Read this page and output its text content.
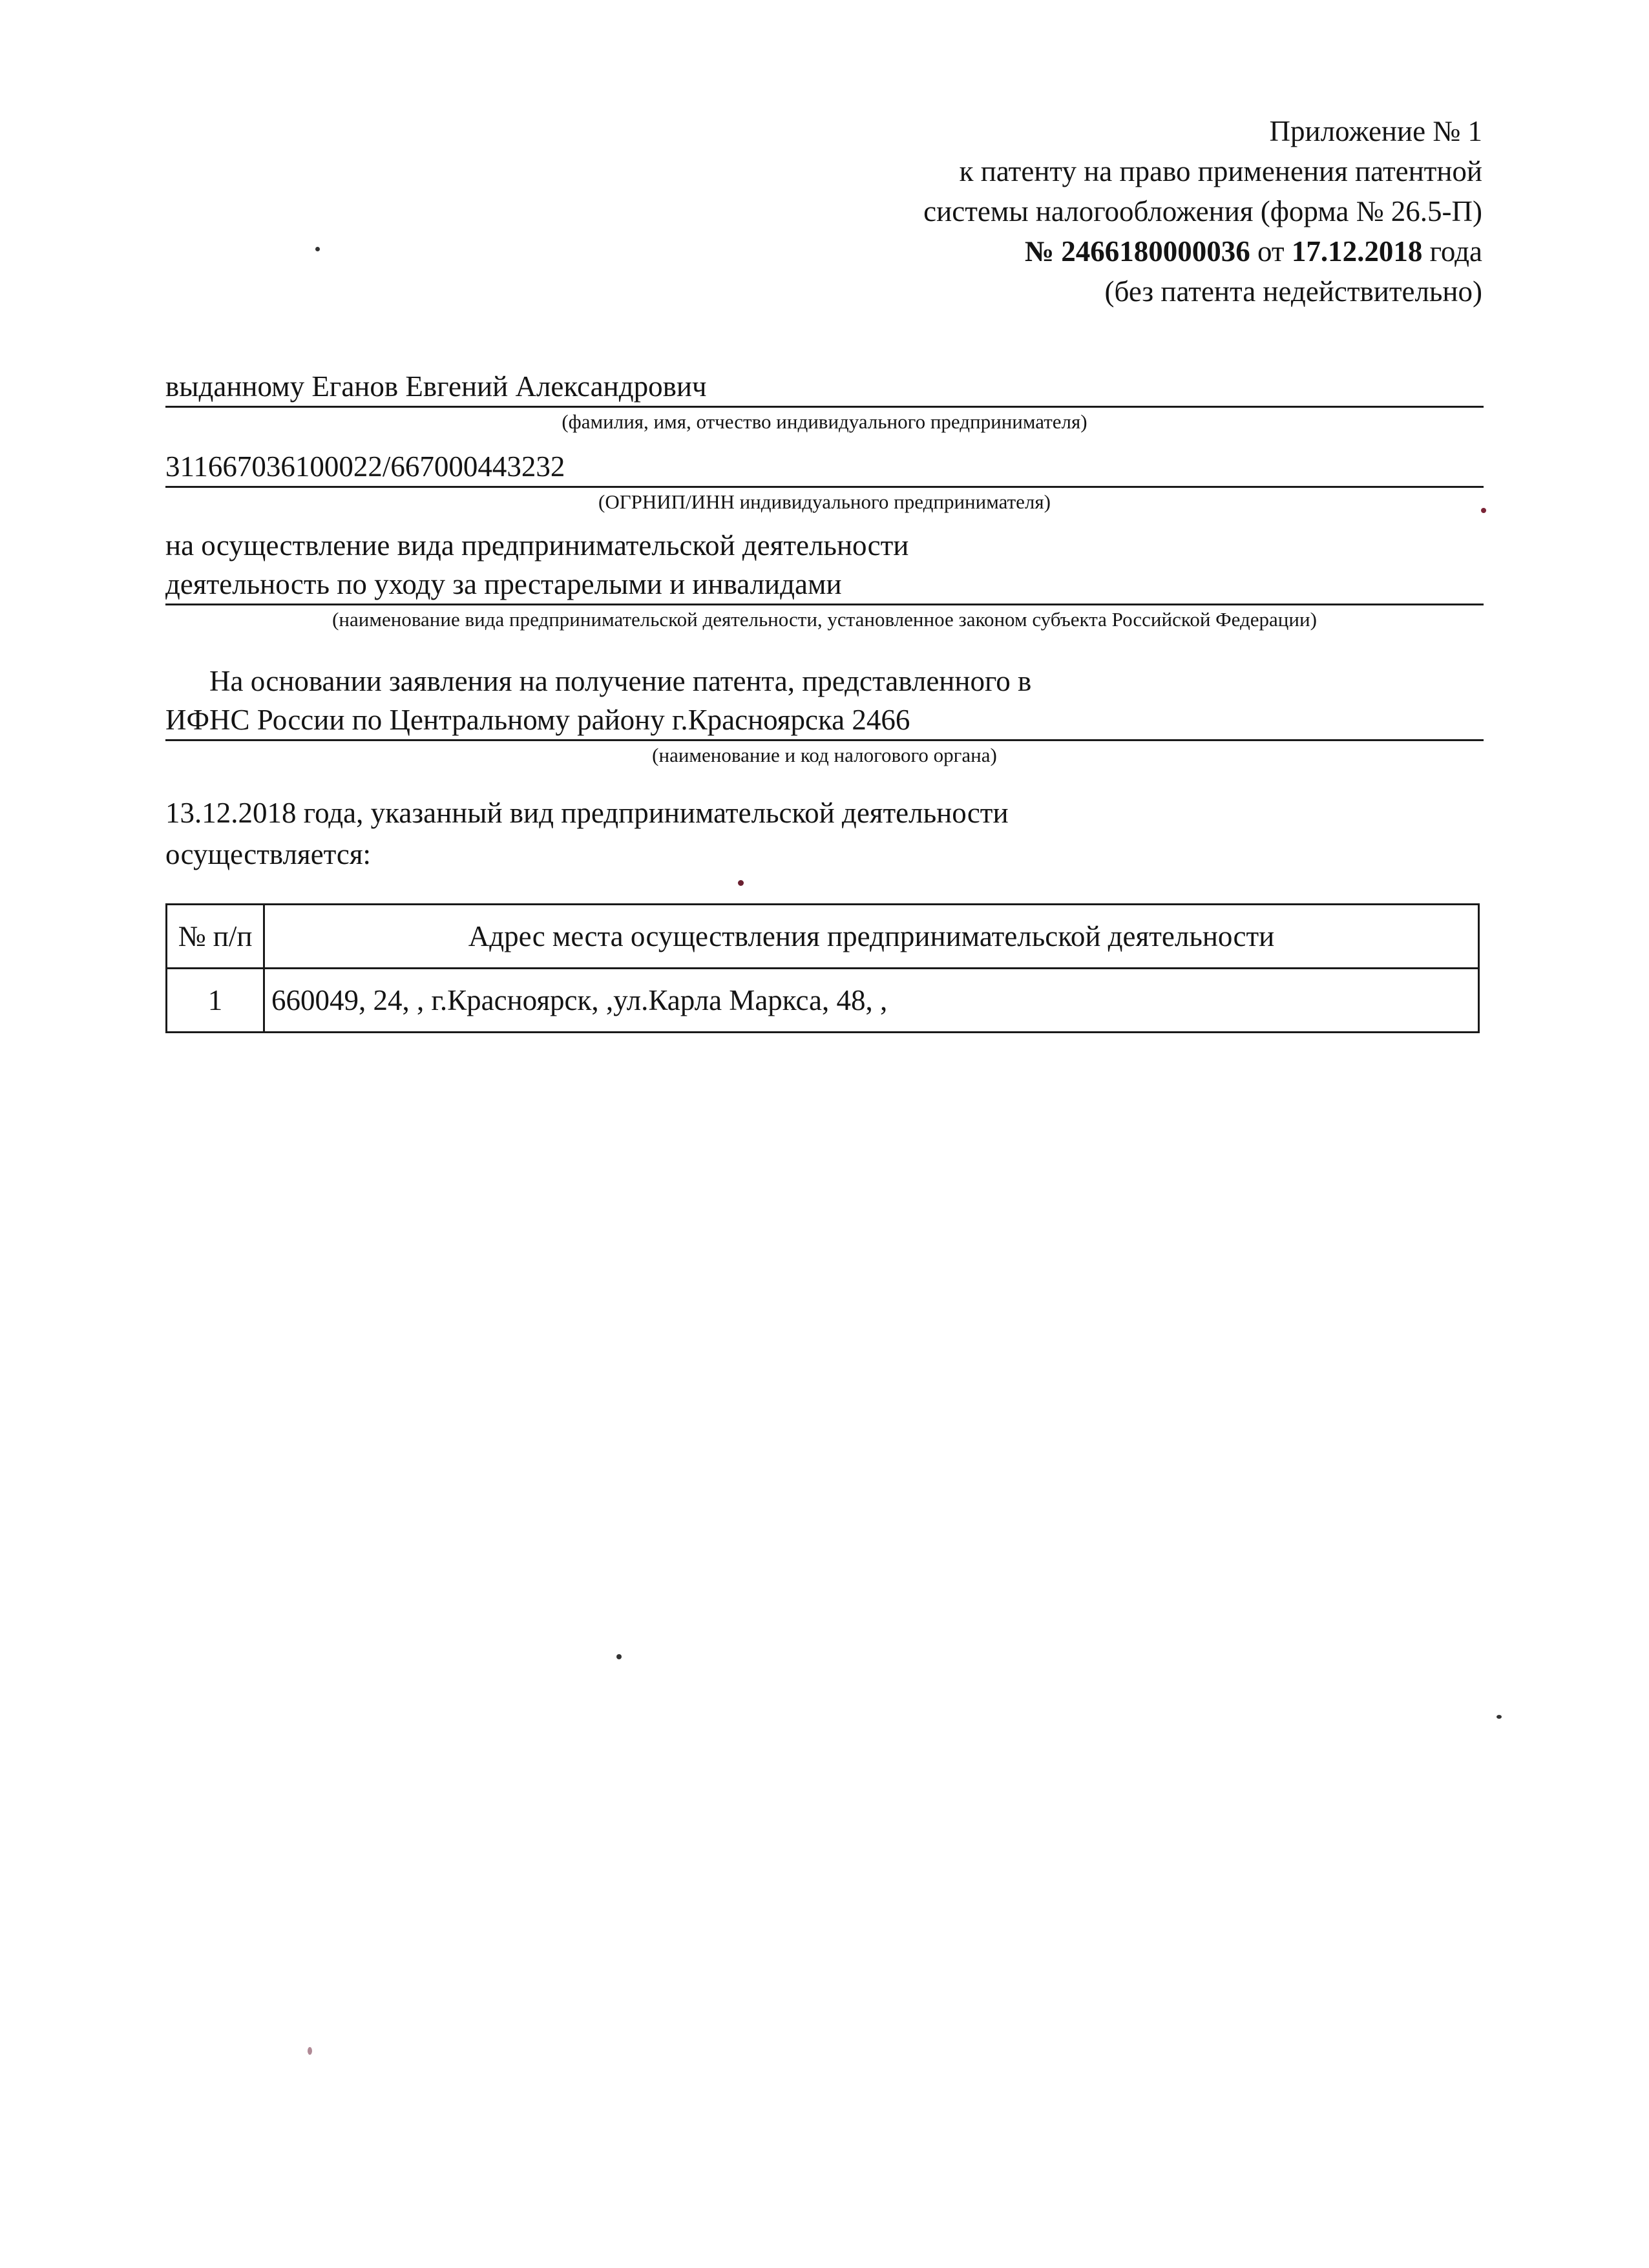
Приложение № 1
к патенту на право применения патентной
системы налогообложения (форма № 26.5-П)
№ 2466180000036 от 17.12.2018 года
(без патента недействительно)
выданному Еганов Евгений Александрович
(фамилия, имя, отчество индивидуального предпринимателя)
311667036100022/667000443232
(ОГРНИП/ИНН индивидуального предпринимателя)
на осуществление вида предпринимательской деятельности
деятельность по уходу за престарелыми и инвалидами
(наименование вида предпринимательской деятельности, установленное законом субъекта Российской Федерации)
На основании заявления на получение патента, представленного в
ИФНС России по Центральному району г.Красноярска 2466
(наименование и код налогового органа)
13.12.2018 года, указанный вид предпринимательской деятельности
осуществляется:
№ п/п	Адрес места осуществления предпринимательской деятельности
1	660049, 24, , г.Красноярск, ,ул.Карла Маркса, 48, ,
